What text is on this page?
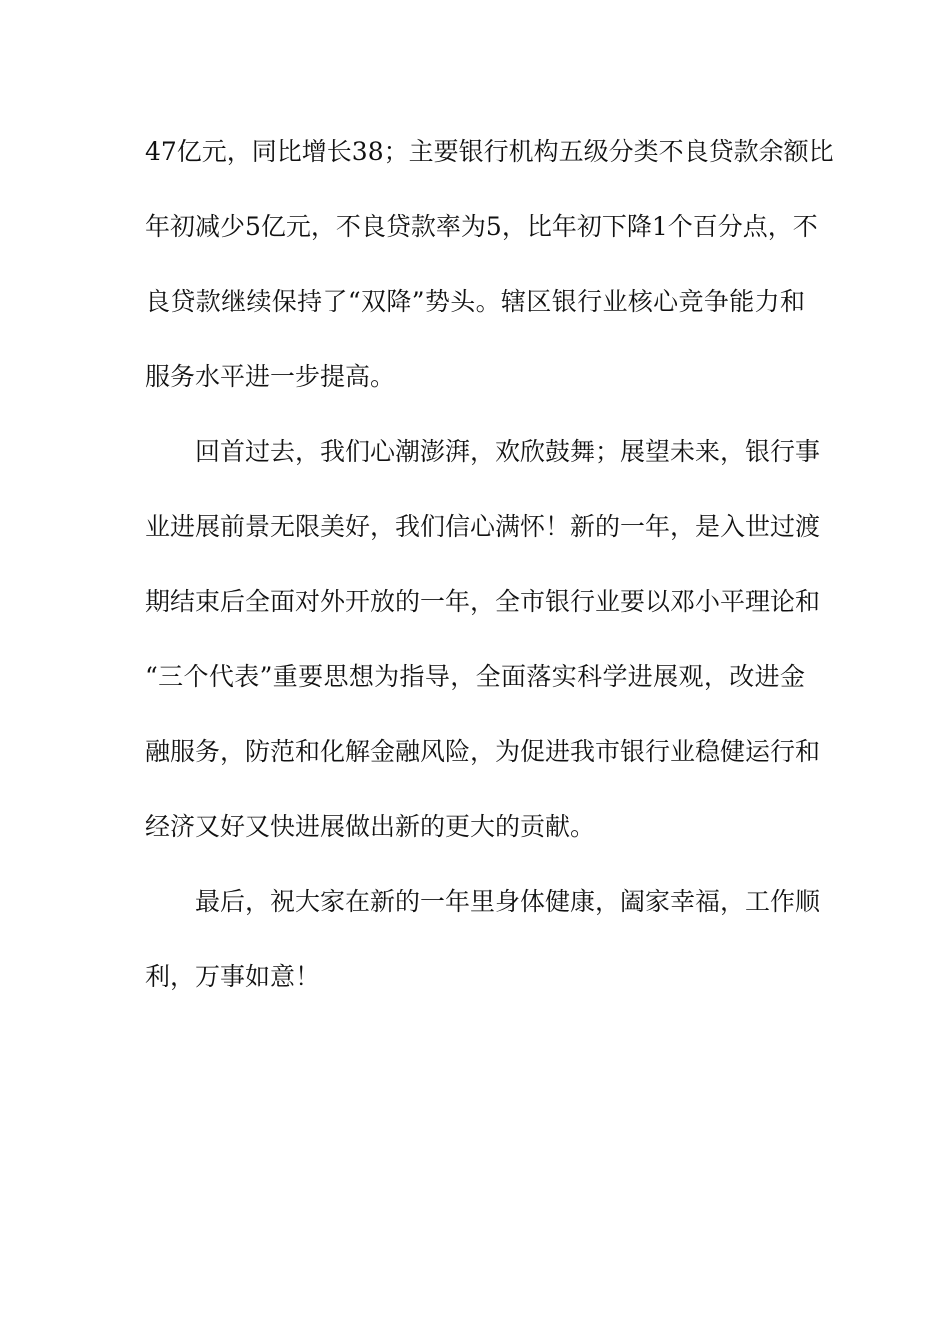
47亿元，同比增长38；主要银行机构五级分类不良贷款余额比
年初减少5亿元，不良贷款率为5，比年初下降1个百分点，不
良贷款继续保持了“双降”势头。辖区银行业核心竞争能力和
服务水平进一步提高。
回首过去，我们心潮澎湃，欢欣鼓舞；展望未来，银行事
业进展前景无限美好，我们信心满怀！新的一年，是入世过渡
期结束后全面对外开放的一年，全市银行业要以邓小平理论和
“三个代表”重要思想为指导，全面落实科学进展观，改进金
融服务，防范和化解金融风险，为促进我市银行业稳健运行和
经济又好又快进展做出新的更大的贡献。
最后，祝大家在新的一年里身体健康，阖家幸福，工作顺
利，万事如意！
